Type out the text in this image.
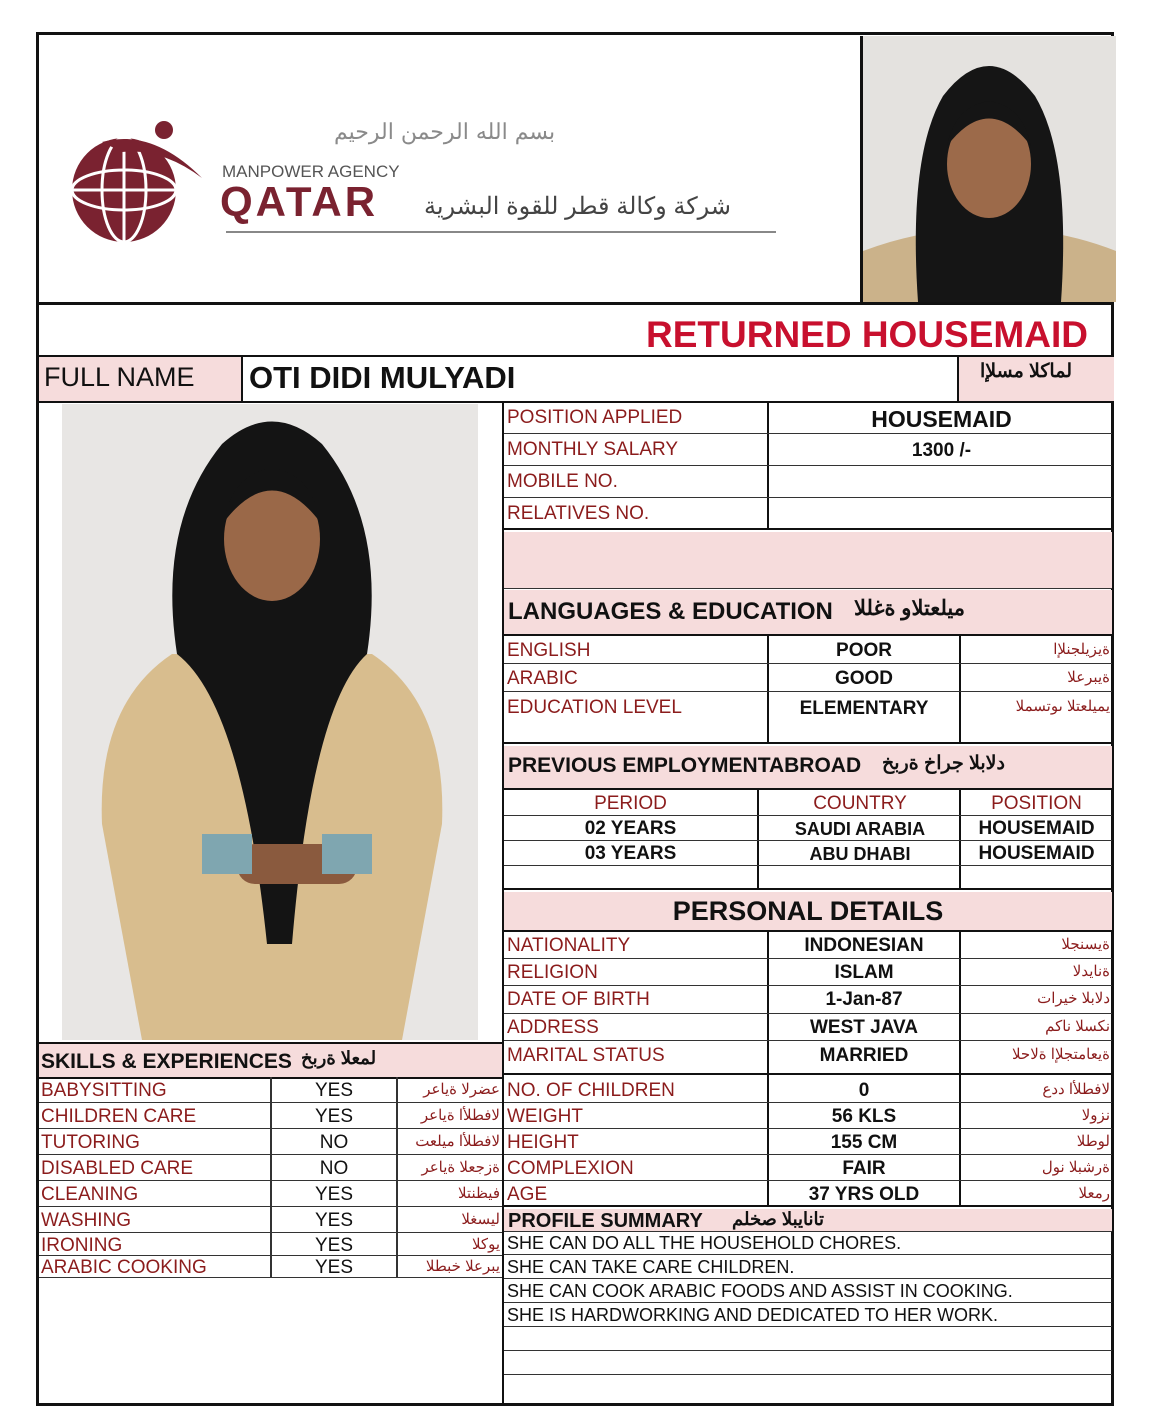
بسم الله الرحمن الرحيم
MANPOWER AGENCY
QATAR شركة وكالة قطر للقوة البشرية
RETURNED HOUSEMAID
FULL NAME OTI DIDI MULYADI	لماكلا مسلإا
POSITION APPLIED	HOUSEMAID
MONTHLY SALARY	1300 /-
MOBILE NO.
RELATIVES NO.
LANGUAGES & EDUCATION ميلعتلاو ةغللا
ENGLISH	POOR	ةيزيلجنلإا
ARABIC	GOOD	ةيبرعلا
EDUCATION LEVEL	ELEMENTARY	يميلعتلا ىوتسملا
PREVIOUS EMPLOYMENTABROAD دلابلا جراخ ةربخ
PERIOD	COUNTRY	POSITION
02 YEARS	SAUDI ARABIA	HOUSEMAID
03 YEARS	ABU DHABI	HOUSEMAID
PERSONAL DETAILS
NATIONALITY	INDONESIAN	ةيسنجلا
RELIGION	ISLAM	ةنايدلا
DATE OF BIRTH	1-Jan-87	دلابلا خيرات
ADDRESS	WEST JAVA	نكسلا ناكم
MARITAL STATUS	MARRIED	ةيعامتجلإا ةلاحلا
NO. OF CHILDREN	0	لافطلأا ددع
WEIGHT	56 KLS	نزولا
HEIGHT	155 CM	لوطلا
COMPLEXION	FAIR	ةرشبلا نول
AGE	37 YRS OLD	رمعلا
PROFILE SUMMARY تانايبلا صخلم
SHE CAN DO ALL THE HOUSEHOLD CHORES.
SHE CAN TAKE CARE CHILDREN.
SHE CAN COOK ARABIC FOODS AND ASSIST IN COOKING.
SHE IS HARDWORKING AND DEDICATED TO HER WORK.
SKILLS & EXPERIENCES لمعلا ةربخ
BABYSITTING	YES	عضرلا ةياعر
CHILDREN CARE	YES	لافطلأا ةياعر
TUTORING	NO	لافطلأا ميلعت
DISABLED CARE	NO	ةزجعلا ةياعر
CLEANING	YES	فيظنتلا
WASHING	YES	ليسغلا
IRONING	YES	يوكلا
ARABIC COOKING	YES	يبرعلا خبطلا
